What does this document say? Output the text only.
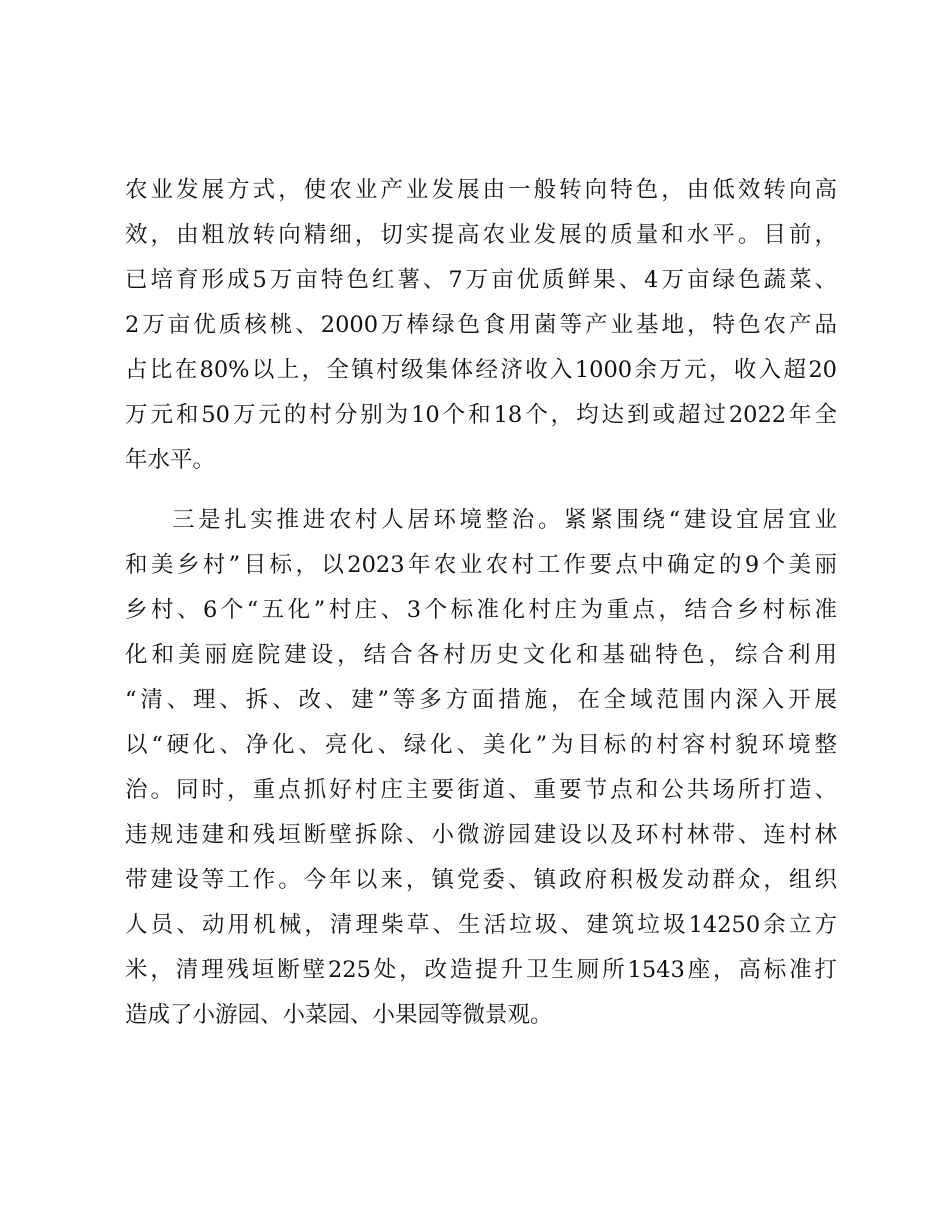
农业发展方式，使农业产业发展由一般转向特色，由低效转向高
效，由粗放转向精细，切实提高农业发展的质量和水平。目前，
已培育形成5万亩特色红薯、7万亩优质鲜果、4万亩绿色蔬菜、
2万亩优质核桃、2000万棒绿色食用菌等产业基地，特色农产品
占比在80%以上，全镇村级集体经济收入1000余万元，收入超20
万元和50万元的村分别为10个和18个，均达到或超过2022年全
年水平。
三是扎实推进农村人居环境整治。紧紧围绕“建设宜居宜业
和美乡村”目标，以2023年农业农村工作要点中确定的9个美丽
乡村、6个“五化”村庄、3个标准化村庄为重点，结合乡村标准
化和美丽庭院建设，结合各村历史文化和基础特色，综合利用
“清、理、拆、改、建”等多方面措施，在全域范围内深入开展
以“硬化、净化、亮化、绿化、美化”为目标的村容村貌环境整
治。同时，重点抓好村庄主要街道、重要节点和公共场所打造、
违规违建和残垣断壁拆除、小微游园建设以及环村林带、连村林
带建设等工作。今年以来，镇党委、镇政府积极发动群众，组织
人员、动用机械，清理柴草、生活垃圾、建筑垃圾14250余立方
米，清理残垣断壁225处，改造提升卫生厕所1543座，高标准打
造成了小游园、小菜园、小果园等微景观。
